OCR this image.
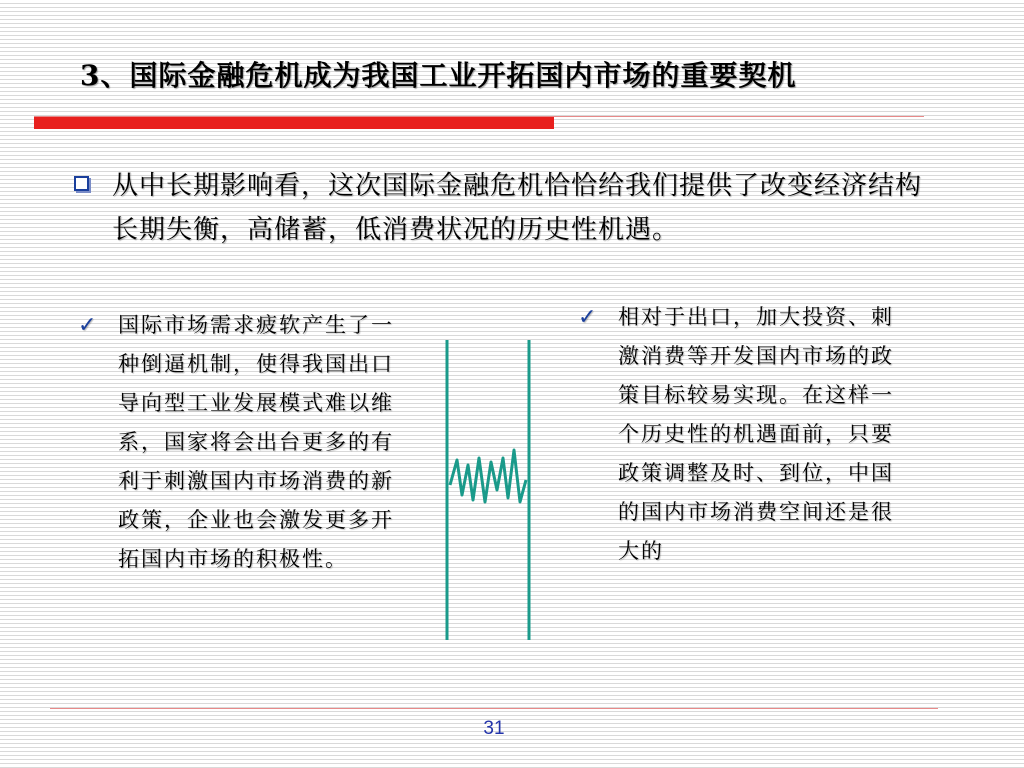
3、国际金融危机成为我国工业开拓国内市场的重要契机
从中长期影响看，这次国际金融危机恰恰给我们提供了改变经济结构长期失衡，高储蓄，低消费状况的历史性机遇。
✓ 国际市场需求疲软产生了一种倒逼机制，使得我国出口导向型工业发展模式难以维系，国家将会出台更多的有利于刺激国内市场消费的新政策，企业也会激发更多开拓国内市场的积极性。
✓ 相对于出口，加大投资、刺激消费等开发国内市场的政策目标较易实现。在这样一个历史性的机遇面前，只要政策调整及时、到位，中国的国内市场消费空间还是很大的
31
